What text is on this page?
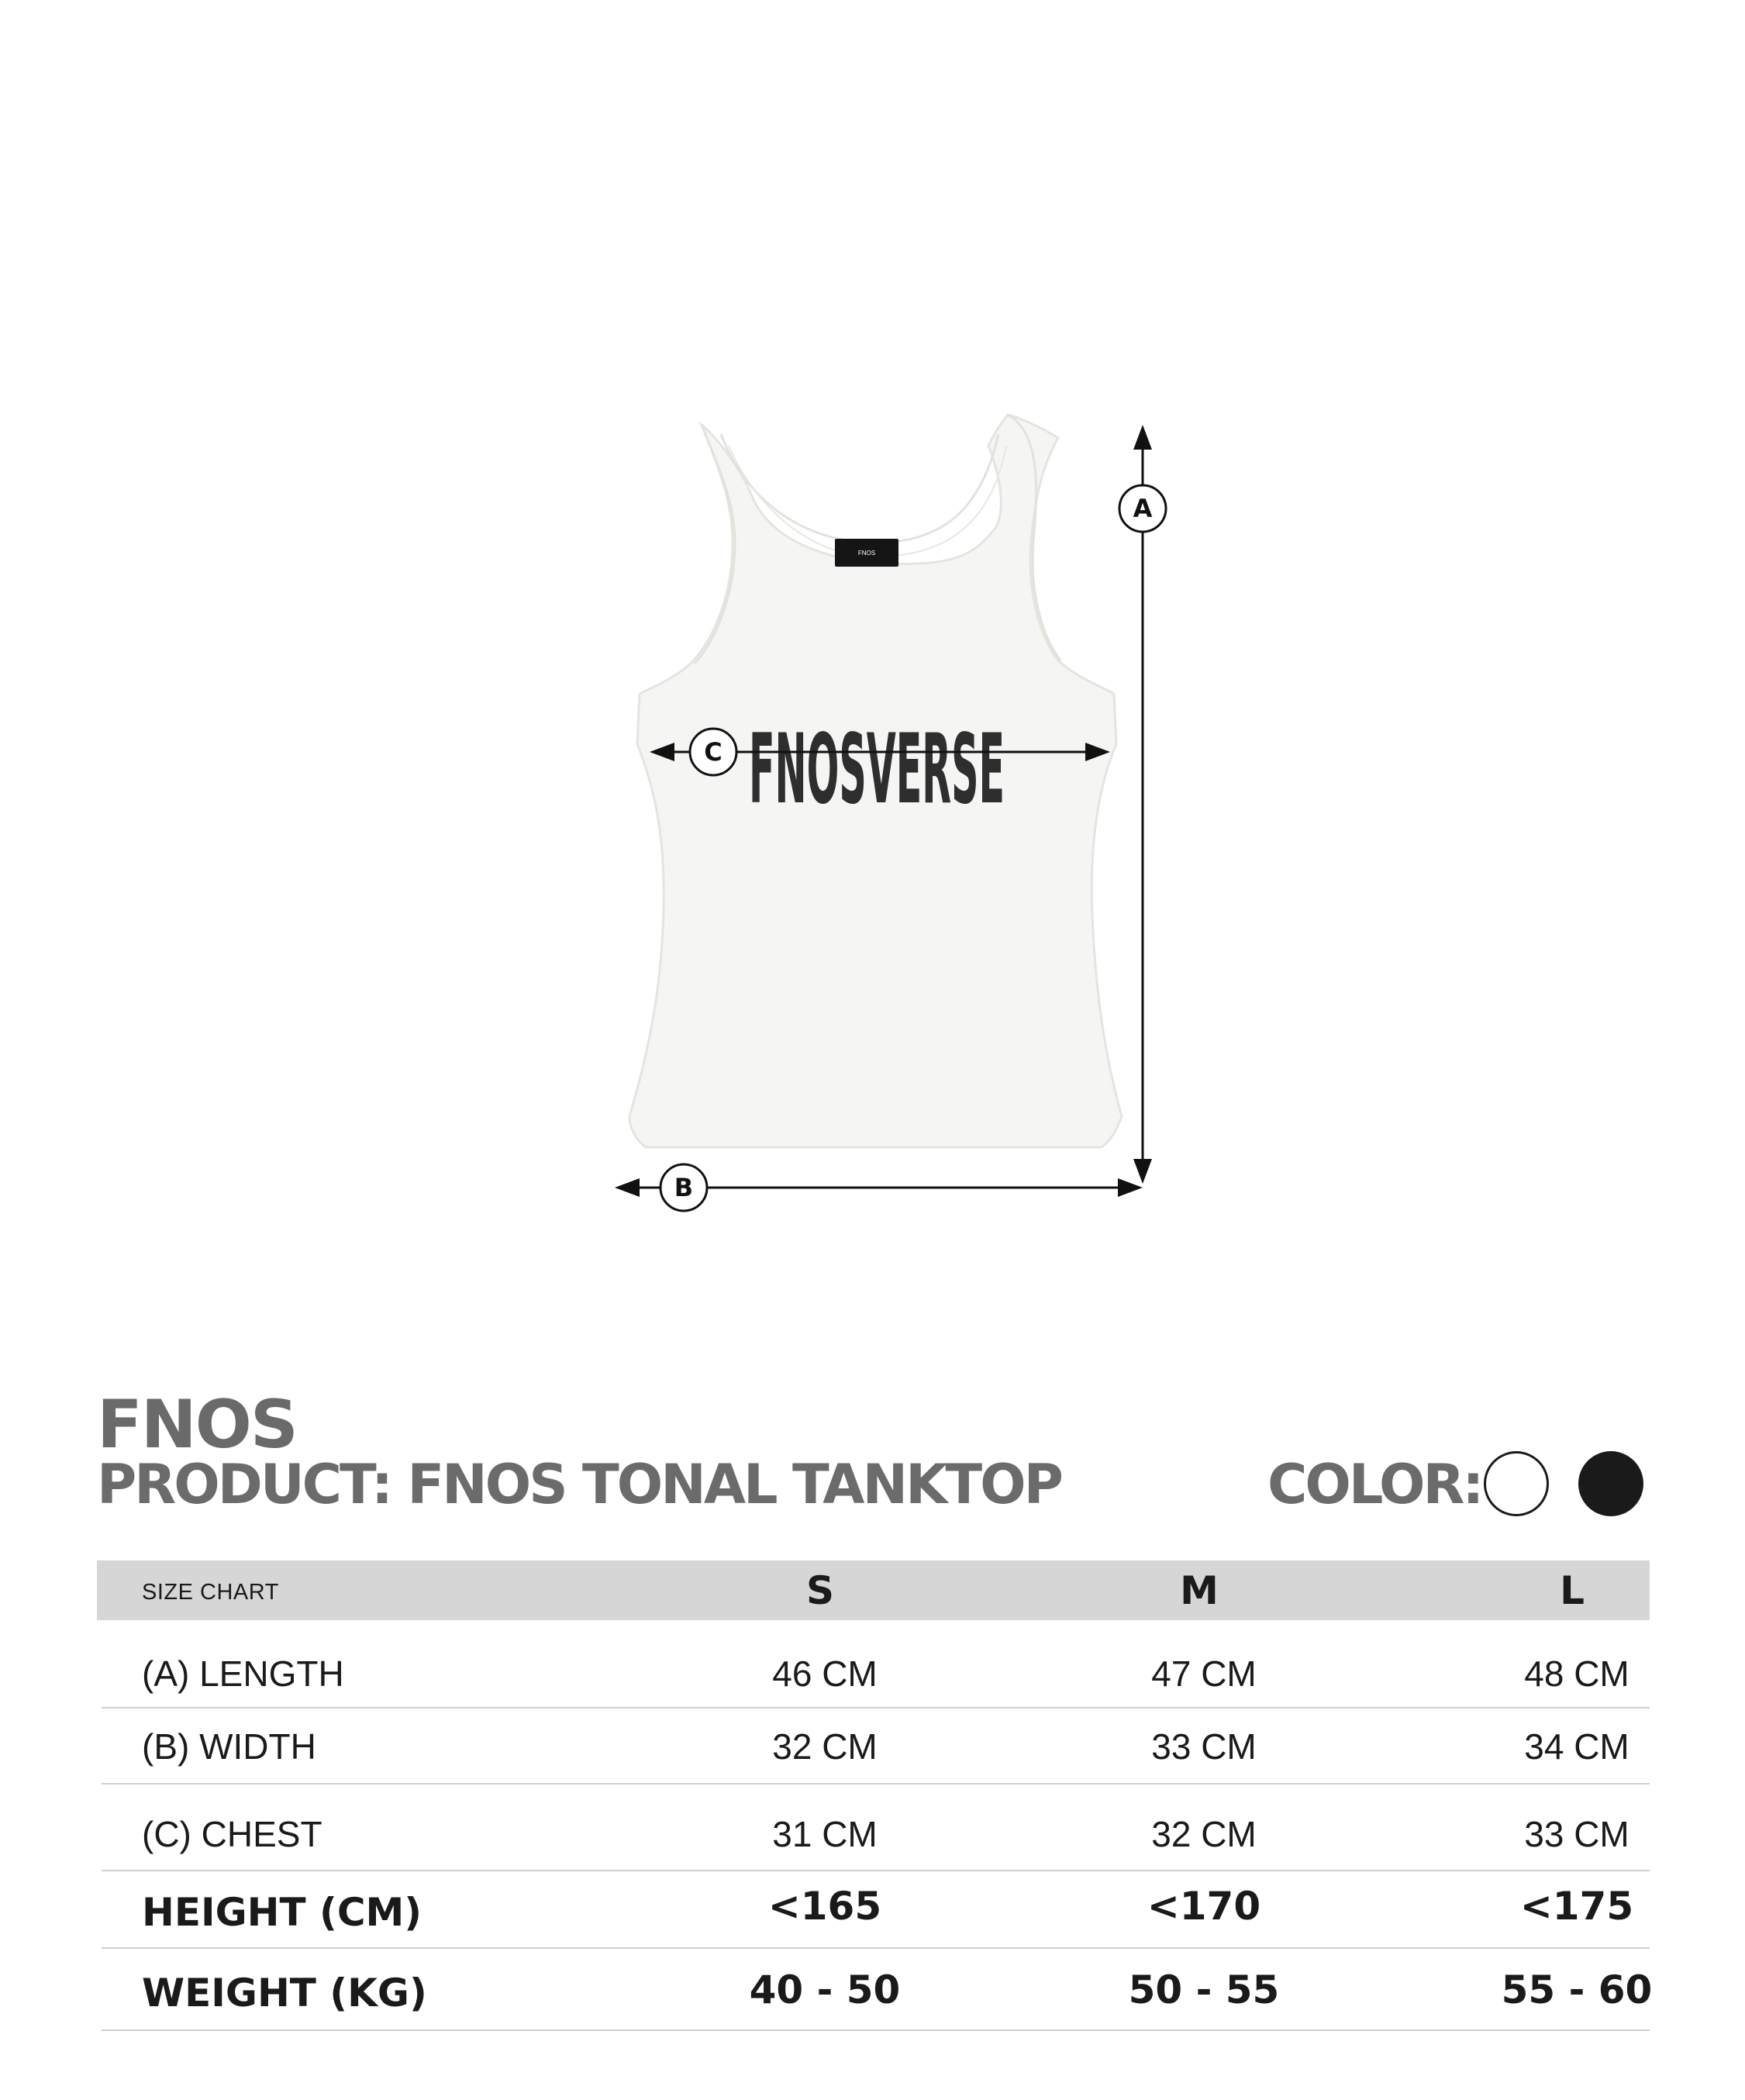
FNOS
FNOSVERSE
A
B
C
FNOS
PRODUCT: FNOS TONAL TANKTOP	COLOR:
SIZE CHART	S	M	L
(A) LENGTH	46 CM	47 CM	48 CM
(B) WIDTH	32 CM	33 CM	34 CM
(C) CHEST	31 CM	32 CM	33 CM
HEIGHT (CM)	<165	<170	<175
WEIGHT (KG)	40 - 50	50 - 55	55 - 60
